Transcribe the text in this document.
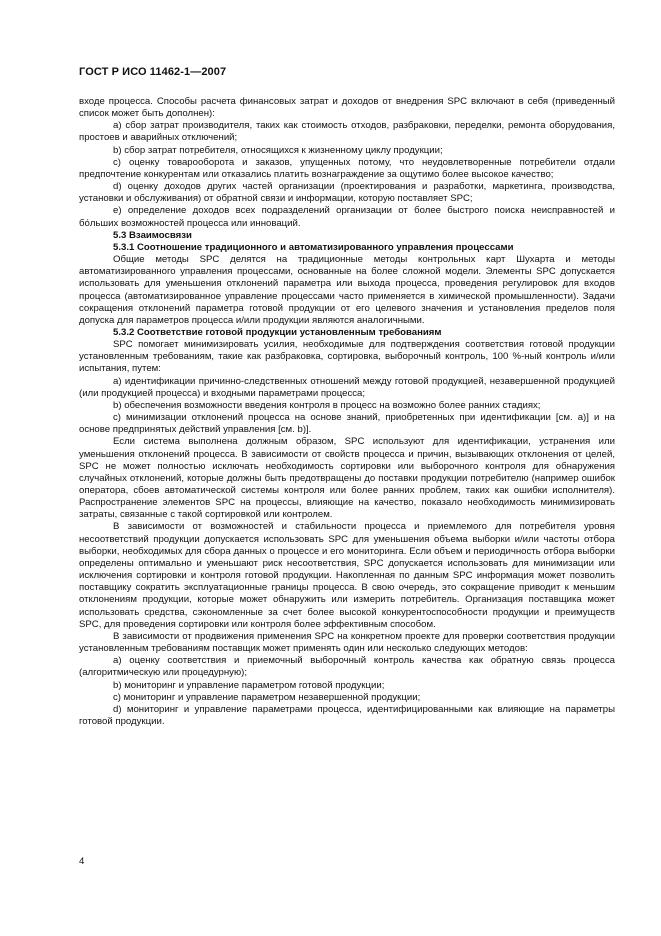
ГОСТ Р ИСО 11462-1—2007

входе процесса. Способы расчета финансовых затрат и доходов от внедрения SPC включают в себя (приведенный список может быть дополнен):

a) сбор затрат производителя, таких как стоимость отходов, разбраковки, переделки, ремонта оборудования, простоев и аварийных отключений;

b) сбор затрат потребителя, относящихся к жизненному циклу продукции;

c) оценку товарооборота и заказов, упущенных потому, что неудовлетворенные потребители отдали предпочтение конкурентам или отказались платить вознаграждение за ощутимо более высокое качество;

d) оценку доходов других частей организации (проектирования и разработки, маркетинга, производства, установки и обслуживания) от обратной связи и информации, которую поставляет SPC;

e) определение доходов всех подразделений организации от более быстрого поиска неисправностей и бо́льших возможностей процесса или инноваций.

5.3 Взаимосвязи

5.3.1 Соотношение традиционного и автоматизированного управления процессами

Общие методы SPC делятся на традиционные методы контрольных карт Шухарта и методы автоматизированного управления процессами, основанные на более сложной модели. Элементы SPC допускается использовать для уменьшения отклонений параметра или выхода процесса, проведения регулировок для входов процесса (автоматизированное управление процессами часто применяется в химической промышленности). Задачи сокращения отклонений параметра готовой продукции от его целевого значения и установления пределов поля допуска для параметров процесса и/или продукции являются аналогичными.

5.3.2 Соответствие готовой продукции установленным требованиям

SPC помогает минимизировать усилия, необходимые для подтверждения соответствия готовой продукции установленным требованиям, такие как разбраковка, сортировка, выборочный контроль, 100 %-ный контроль и/или испытания, путем:

a) идентификации причинно-следственных отношений между готовой продукцией, незавершенной продукцией (или продукцией процесса) и входными параметрами процесса;

b) обеспечения возможности введения контроля в процесс на возможно более ранних стадиях;

c) минимизации отклонений процесса на основе знаний, приобретенных при идентификации [см. а)] и на основе предпринятых действий управления [см. b)].

Если система выполнена должным образом, SPC используют для идентификации, устранения или уменьшения отклонений процесса. В зависимости от свойств процесса и причин, вызывающих отклонения от целей, SPC не может полностью исключать необходимость сортировки или выборочного контроля для обнаружения случайных отклонений, которые должны быть предотвращены до поставки продукции потребителю (например ошибок оператора, сбоев автоматической системы контроля или более ранних проблем, таких как ошибки исполнителя). Распространение элементов SPC на процессы, влияющие на качество, показало необходимость минимизировать затраты, связанные с такой сортировкой или контролем.

В зависимости от возможностей и стабильности процесса и приемлемого для потребителя уровня несоответствий продукции допускается использовать SPC для уменьшения объема выборки и/или частоты отбора выборки, необходимых для сбора данных о процессе и его мониторинга. Если объем и периодичность отбора выборки определены оптимально и уменьшают риск несоответствия, SPC допускается использовать для минимизации или исключения сортировки и контроля готовой продукции. Накопленная по данным SPC информация может позволить поставщику сократить эксплуатационные границы процесса. В свою очередь, это сокращение приводит к меньшим отклонениям продукции, которые может обнаружить или измерить потребитель. Организация поставщика может использовать средства, сэкономленные за счет более высокой конкурентоспособности продукции и преимуществ SPC, для проведения сортировки или контроля более эффективным способом.

В зависимости от продвижения применения SPC на конкретном проекте для проверки соответствия продукции установленным требованиям поставщик может применять один или несколько следующих методов:

a) оценку соответствия и приемочный выборочный контроль качества как обратную связь процесса (алгоритмическую или процедурную);

b) мониторинг и управление параметром готовой продукции;

c) мониторинг и управление параметром незавершенной продукции;

d) мониторинг и управление параметрами процесса, идентифицированными как влияющие на параметры готовой продукции.

4
